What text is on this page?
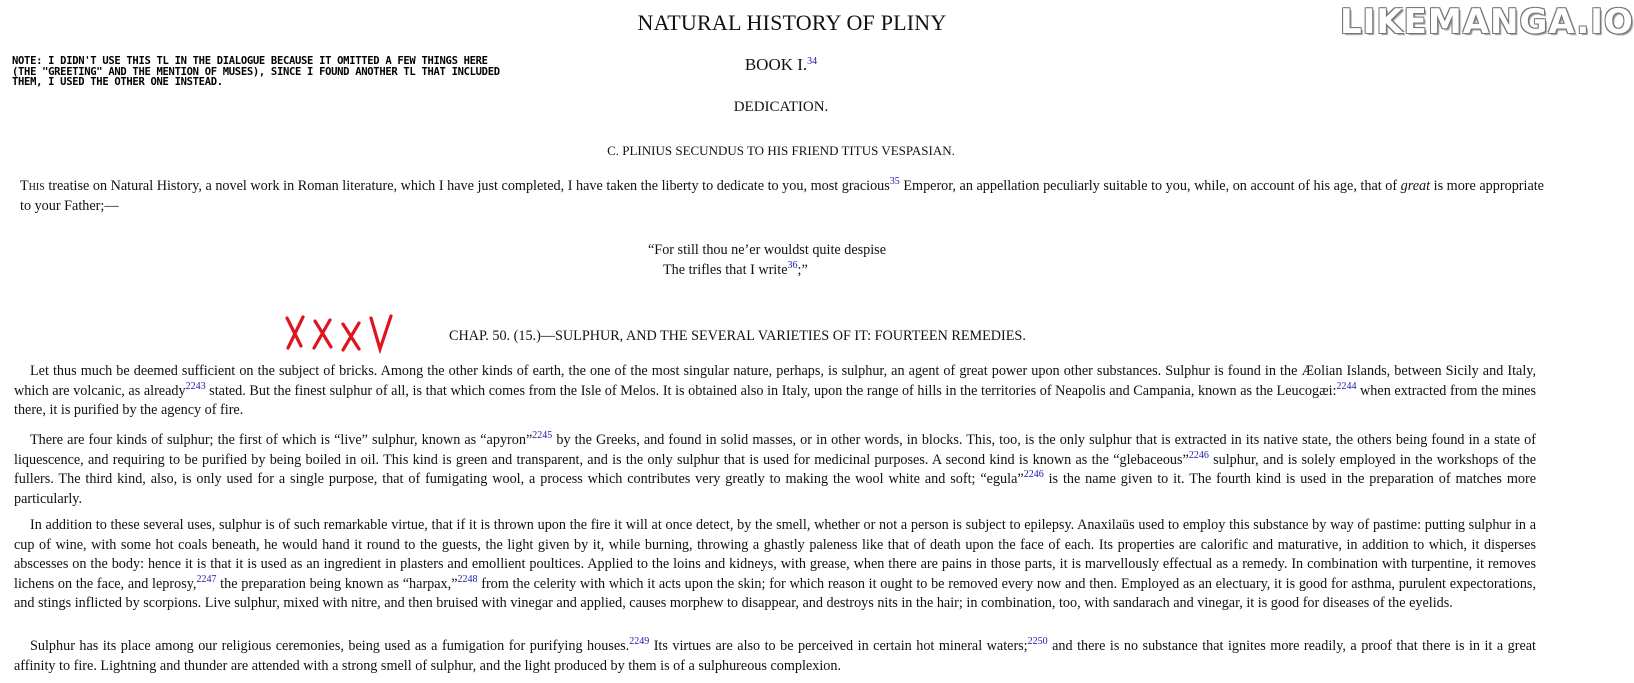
NATURAL HISTORY OF PLINY	LIKEMANGA.IO
NOTE: I DIDN'T USE THIS TL IN THE DIALOGUE BECAUSE IT OMITTED A FEW THINGS HERE (THE "GREETING" AND THE MENTION OF MUSES), SINCE I FOUND ANOTHER TL THAT INCLUDED THEM, I USED THE OTHER ONE INSTEAD.
BOOK I.$^{34}$
DEDICATION.
C. PLINIUS SECUNDUS TO HIS FRIEND TITUS VESPASIAN.
This treatise on Natural History, a novel work in Roman literature, which I have just completed, I have taken the liberty to dedicate to you, most gracious$^{35}$ Emperor, an appellation peculiarly suitable to you, while, on account of his age, that of great is more appropriate to your Father;—
“For still thou ne’er wouldst quite despise
The trifles that I write$^{36}$;”
CHAP. 50. (15.)—SULPHUR, AND THE SEVERAL VARIETIES OF IT: FOURTEEN REMEDIES.
Let thus much be deemed sufficient on the subject of bricks. Among the other kinds of earth, the one of the most singular nature, perhaps, is sulphur, an agent of great power upon other substances. Sulphur is found in the Æolian Islands, between Sicily and Italy, which are volcanic, as already$^{2243}$ stated. But the finest sulphur of all, is that which comes from the Isle of Melos. It is obtained also in Italy, upon the range of hills in the territories of Neapolis and Campania, known as the Leucogæi:$^{2244}$ when extracted from the mines there, it is purified by the agency of fire.
There are four kinds of sulphur; the first of which is “live” sulphur, known as “apyron”$^{2245}$ by the Greeks, and found in solid masses, or in other words, in blocks. This, too, is the only sulphur that is extracted in its native state, the others being found in a state of liquescence, and requiring to be purified by being boiled in oil. This kind is green and transparent, and is the only sulphur that is used for medicinal purposes. A second kind is known as the “glebaceous”$^{2246}$ sulphur, and is solely employed in the workshops of the fullers. The third kind, also, is only used for a single purpose, that of fumigating wool, a process which contributes very greatly to making the wool white and soft; “egula”$^{2246}$ is the name given to it. The fourth kind is used in the preparation of matches more particularly.
In addition to these several uses, sulphur is of such remarkable virtue, that if it is thrown upon the fire it will at once detect, by the smell, whether or not a person is subject to epilepsy. Anaxilaüs used to employ this substance by way of pastime: putting sulphur in a cup of wine, with some hot coals beneath, he would hand it round to the guests, the light given by it, while burning, throwing a ghastly paleness like that of death upon the face of each. Its properties are calorific and maturative, in addition to which, it disperses abscesses on the body: hence it is that it is used as an ingredient in plasters and emollient poultices. Applied to the loins and kidneys, with grease, when there are pains in those parts, it is marvellously effectual as a remedy. In combination with turpentine, it removes lichens on the face, and leprosy,$^{2247}$ the preparation being known as “harpax,”$^{2248}$ from the celerity with which it acts upon the skin; for which reason it ought to be removed every now and then. Employed as an electuary, it is good for asthma, purulent expectorations, and stings inflicted by scorpions. Live sulphur, mixed with nitre, and then bruised with vinegar and applied, causes morphew to disappear, and destroys nits in the hair; in combination, too, with sandarach and vinegar, it is good for diseases of the eyelids.
Sulphur has its place among our religious ceremonies, being used as a fumigation for purifying houses.$^{2249}$ Its virtues are also to be perceived in certain hot mineral waters;$^{2250}$ and there is no substance that ignites more readily, a proof that there is in it a great affinity to fire. Lightning and thunder are attended with a strong smell of sulphur, and the light produced by them is of a sulphureous complexion.
